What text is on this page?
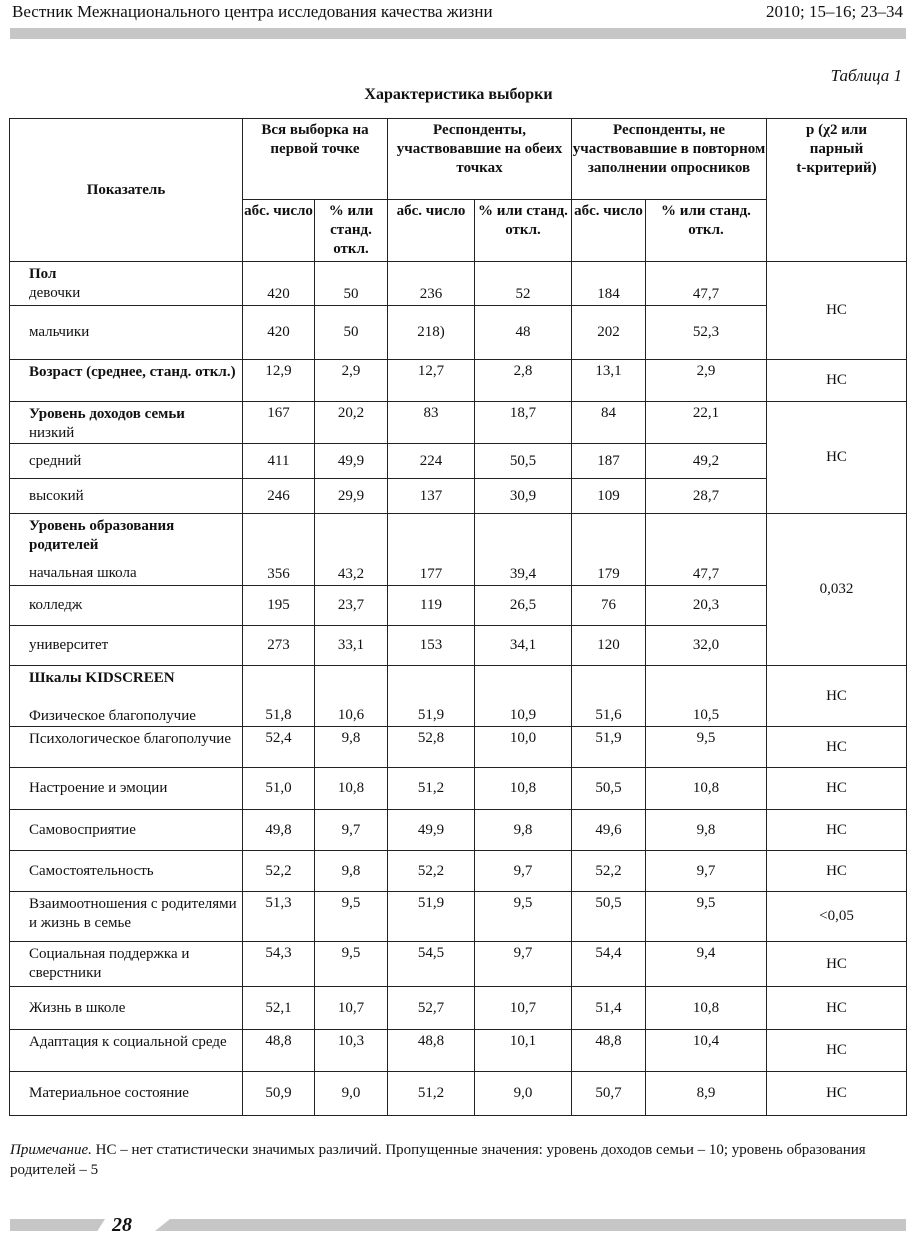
Вестник Межнационального центра исследования качества жизни	2010; 15–16; 23–34
Таблица 1
Характеристика выборки
Показатель	Вся выборка на первой точке		Респонденты, участвовавшие на обеих точках		Респонденты, не участвовавшие в повторном заполнении опросников		p (χ2 или
парный
t-критерий)
	абс. число	% или станд. откл.	абс. число	% или станд. откл.	абс. число	% или станд. откл.	

Пол
девочки	420	50	236	52	184	47,7	НС
мальчики	420	50	218)	48	202	52,3	
Возраст (среднее, станд. откл.)	12,9	2,9	12,7	2,8	13,1	2,9	НС

Уровень доходов семьи
низкий	167	20,2	83	18,7	84	22,1	НС
средний	411	49,9	224	50,5	187	49,2	
высокий	246	29,9	137	30,9	109	28,7	

Уровень образования родителей
начальная школа	356	43,2	177	39,4	179	47,7	0,032
колледж	195	23,7	119	26,5	76	20,3	
университет	273	33,1	153	34,1	120	32,0	

Шкалы KIDSCREEN
Физическое благополучие	51,8	10,6	51,9	10,9	51,6	10,5	НС
Психологическое благополучие	52,4	9,8	52,8	10,0	51,9	9,5	НС
Настроение и эмоции	51,0	10,8	51,2	10,8	50,5	10,8	НС
Самовосприятие	49,8	9,7	49,9	9,8	49,6	9,8	НС
Самостоятельность	52,2	9,8	52,2	9,7	52,2	9,7	НС
Взаимоотношения с родителями и жизнь в семье	51,3	9,5	51,9	9,5	50,5	9,5	<0,05
Социальная поддержка и сверстники	54,3	9,5	54,5	9,7	54,4	9,4	НС
Жизнь в школе	52,1	10,7	52,7	10,7	51,4	10,8	НС
Адаптация к социальной среде	48,8	10,3	48,8	10,1	48,8	10,4	НС
Материальное состояние	50,9	9,0	51,2	9,0	50,7	8,9	НС
Примечание. НС – нет статистически значимых различий. Пропущенные значения: уровень доходов семьи – 10; уровень образования родителей – 5
28
